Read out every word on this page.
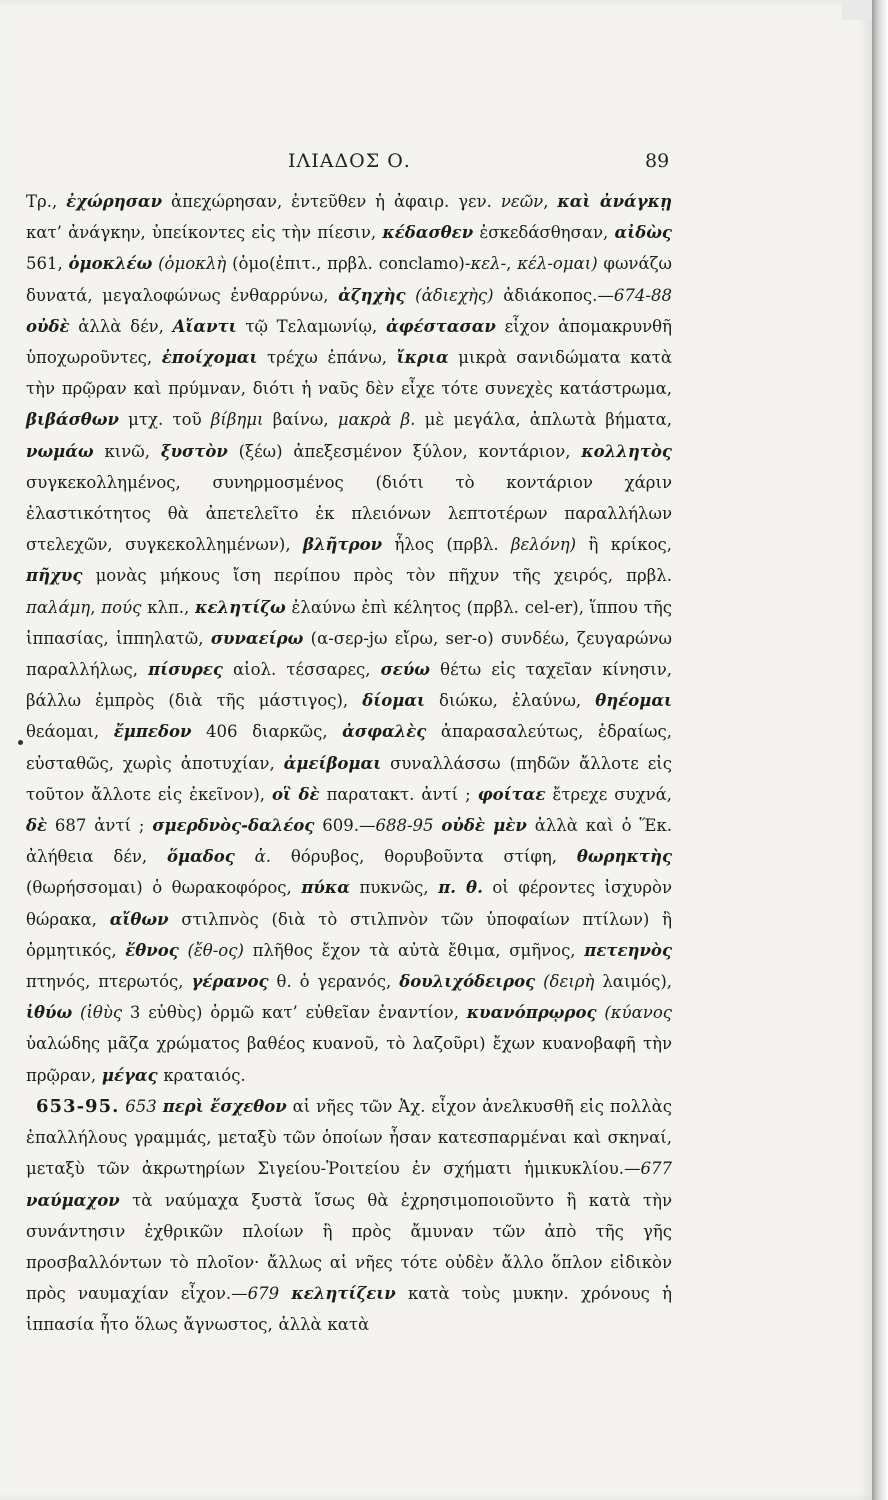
ΙΛΙΑΔΟΣ Ο.	89

Τρ., ἐχώρησαν ἀπεχώρησαν, ἐντεῦθεν ἡ ἀφαιρ. γεν. νεῶν, καὶ ἀνάγκῃ κατ’ ἀνάγκην, ὑπείκοντες εἰς τὴν πίεσιν, κέδασθεν ἐσκεδάσθησαν, αἰδὼς 561, ὁμοκλέω (ὁμοκλὴ (ὁμο(ἐπιτ., πρβλ. conclamo)-κελ-, κέλ-ομαι) φωνάζω δυνατά, μεγαλοφώνως ἐνθαρρύνω, ἀζηχὴς (ἀδιεχὴς) ἀδιάκοπος.—674-88 οὐδὲ ἀλλὰ δέν, Αἴαντι τῷ Τελαμωνίῳ, ἀφέστασαν εἶχον ἀπομακρυνθῆ ὑποχωροῦντες, ἐποίχομαι τρέχω ἐπάνω, ἴκρια μικρὰ σανιδώματα κατὰ τὴν πρῷραν καὶ πρύμναν, διότι ἡ ναῦς δὲν εἶχε τότε συνεχὲς κατάστρωμα, βιβάσθων μτχ. τοῦ βίβημι βαίνω, μακρὰ β. μὲ μεγάλα, ἁπλωτὰ βήματα, νωμάω κινῶ, ξυστὸν (ξέω) ἀπεξεσμένον ξύλον, κοντάριον, κολλητὸς συγκεκολλημένος, συνηρμοσμένος (διότι τὸ κοντάριον χάριν ἐλαστικότητος θὰ ἀπετελεῖτο ἐκ πλειόνων λεπτοτέρων παραλλήλων στελεχῶν, συγκεκολλημένων), βλῆτρον ἧλος (πρβλ. βελόνη) ἢ κρίκος, πῆχυς μονὰς μήκους ἴση περίπου πρὸς τὸν πῆχυν τῆς χειρός, πρβλ. παλάμη, πούς κλπ., κελητίζω ἐλαύνω ἐπὶ κέλητος (πρβλ. cel-er), ἵππου τῆς ἱππασίας, ἱππηλατῶ, συναείρω (α-σερ-jω εἴρω, ser-o) συνδέω, ζευγαρώνω παραλλήλως, πίσυρες αἰολ. τέσσαρες, σεύω θέτω εἰς ταχεῖαν κίνησιν, βάλλω ἐμπρὸς (διὰ τῆς μάστιγος), δίομαι διώκω, ἐλαύνω, θηέομαι θεάομαι, ἔμπεδον 406 διαρκῶς, ἀσφαλὲς ἀπαρασαλεύτως, ἑδραίως, εὐσταθῶς, χωρὶς ἀποτυχίαν, ἀμείβομαι συναλλάσσω (πηδῶν ἄλλοτε εἰς τοῦτον ἄλλοτε εἰς ἐκεῖνον), οἳ δὲ παρατακτ. ἀντί ; φοίταε ἔτρεχε συχνά, δὲ 687 ἀντί ; σμερδνὸς-δαλέος 609.—688-95 οὐδὲ μὲν ἀλλὰ καὶ ὁ Ἕκ. ἀλήθεια δέν, ὅμαδος ἀ. θόρυβος, θορυβοῦντα στίφη, θωρηκτὴς (θωρήσσομαι) ὁ θωρακοφόρος, πύκα πυκνῶς, π. θ. οἱ φέροντες ἰσχυρὸν θώρακα, αἴθων στιλπνὸς (διὰ τὸ στιλπνὸν τῶν ὑποφαίων πτίλων) ἢ ὁρμητικός, ἔθνος (ἔθ-ος) πλῆθος ἔχον τὰ αὐτὰ ἔθιμα, σμῆνος, πετεηνὸς πτηνός, πτερωτός, γέρανος θ. ὁ γερανός, δουλιχόδειρος (δειρὴ λαιμός), ἰθύω (ἰθὺς 3 εὐθὺς) ὁρμῶ κατ’ εὐθεῖαν ἐναντίον, κυανόπρῳρος (κύανος ὑαλώδης μᾶζα χρώματος βαθέος κυανοῦ, τὸ λαζοῦρι) ἔχων κυανοβαφῆ τὴν πρῷραν, μέγας κραταιός.

653-95. 653 περὶ ἔσχεθον αἱ νῆες τῶν Ἀχ. εἶχον ἀνελκυσθῆ εἰς πολλὰς ἐπαλλήλους γραμμάς, μεταξὺ τῶν ὁποίων ἦσαν κατεσπαρμέναι καὶ σκηναί, μεταξὺ τῶν ἀκρωτηρίων Σιγείου-Ῥοιτείου ἐν σχήματι ἡμικυκλίου.—677 ναύμαχον τὰ ναύμαχα ξυστὰ ἴσως θὰ ἐχρησιμοποιοῦντο ἢ κατὰ τὴν συνάντησιν ἐχθρικῶν πλοίων ἢ πρὸς ἄμυναν τῶν ἀπὸ τῆς γῆς προσβαλλόντων τὸ πλοῖον· ἄλλως αἱ νῆες τότε οὐδὲν ἄλλο ὅπλον εἰδικὸν πρὸς ναυμαχίαν εἶχον.—679 κελητίζειν κατὰ τοὺς μυκην. χρόνους ἡ ἱππασία ἦτο ὅλως ἄγνωστος, ἀλλὰ κατὰ
